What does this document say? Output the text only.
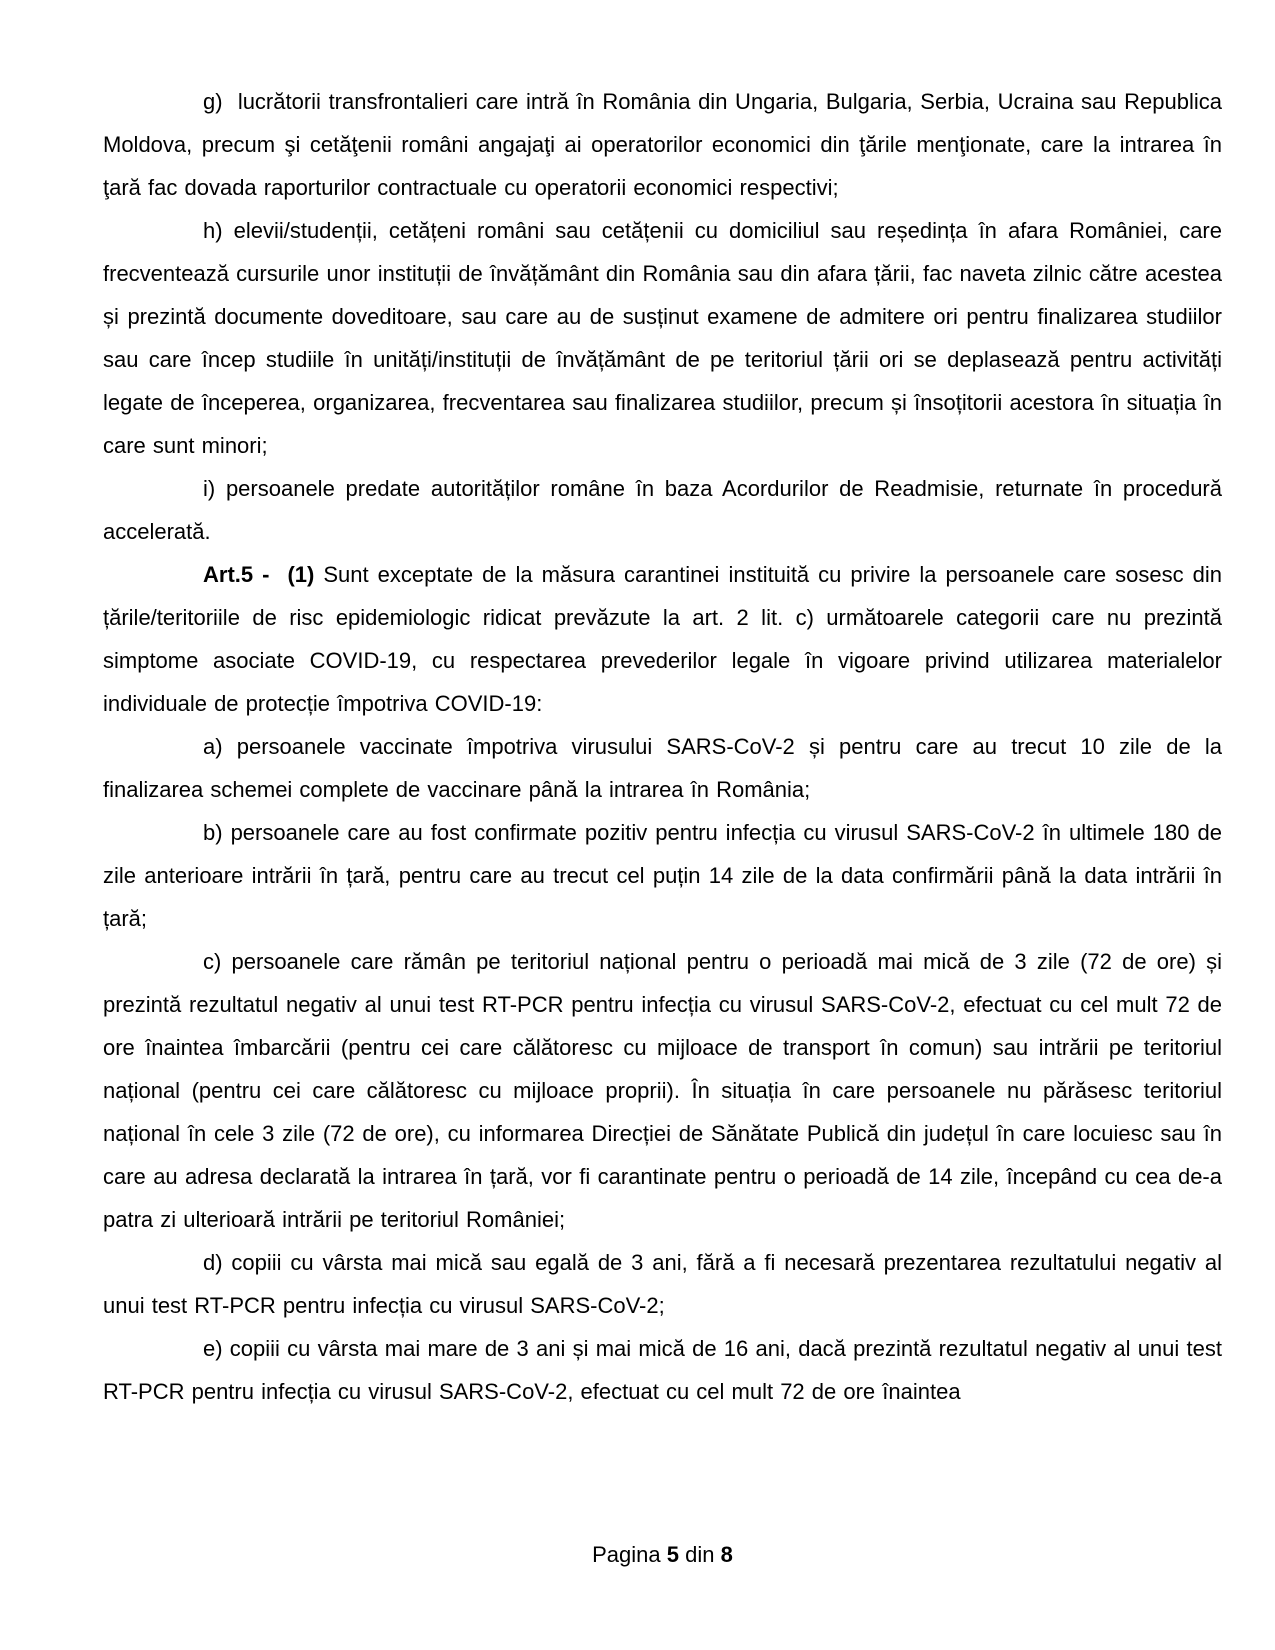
g)  lucrătorii transfrontalieri care intră în România din Ungaria, Bulgaria, Serbia, Ucraina sau Republica Moldova, precum şi cetăţenii români angajaţi ai operatorilor economici din ţările menţionate, care la intrarea în ţară fac dovada raporturilor contractuale cu operatorii economici respectivi;

h) elevii/studenții, cetățeni români sau cetățenii cu domiciliul sau reședința în afara României, care frecventează cursurile unor instituții de învățământ din România sau din afara țării, fac naveta zilnic către acestea și prezintă documente doveditoare, sau care au de susținut examene de admitere ori pentru finalizarea studiilor sau care încep studiile în unități/instituții de învățământ de pe teritoriul țării ori se deplasează pentru activități legate de începerea, organizarea, frecventarea sau finalizarea studiilor, precum și însoțitorii acestora în situația în care sunt minori;

i) persoanele predate autorităților române în baza Acordurilor de Readmisie, returnate în procedură accelerată.

Art.5 -  (1) Sunt exceptate de la măsura carantinei instituită cu privire la persoanele care sosesc din țările/teritoriile de risc epidemiologic ridicat prevăzute la art. 2 lit. c) următoarele categorii care nu prezintă simptome asociate COVID-19, cu respectarea prevederilor legale în vigoare privind utilizarea materialelor individuale de protecție împotriva COVID-19:

a) persoanele vaccinate împotriva virusului SARS-CoV-2 și pentru care au trecut 10 zile de la finalizarea schemei complete de vaccinare până la intrarea în România;

b) persoanele care au fost confirmate pozitiv pentru infecția cu virusul SARS-CoV-2 în ultimele 180 de zile anterioare intrării în țară, pentru care au trecut cel puțin 14 zile de la data confirmării până la data intrării în țară;

c) persoanele care rămân pe teritoriul național pentru o perioadă mai mică de 3 zile (72 de ore) și prezintă rezultatul negativ al unui test RT-PCR pentru infecția cu virusul SARS-CoV-2, efectuat cu cel mult 72 de ore înaintea îmbarcării (pentru cei care călătoresc cu mijloace de transport în comun) sau intrării pe teritoriul național (pentru cei care călătoresc cu mijloace proprii). În situația în care persoanele nu părăsesc teritoriul național în cele 3 zile (72 de ore), cu informarea Direcției de Sănătate Publică din județul în care locuiesc sau în care au adresa declarată la intrarea în țară, vor fi carantinate pentru o perioadă de 14 zile, începând cu cea de-a patra zi ulterioară intrării pe teritoriul României;

d) copiii cu vârsta mai mică sau egală de 3 ani, fără a fi necesară prezentarea rezultatului negativ al unui test RT-PCR pentru infecția cu virusul SARS-CoV-2;

e) copiii cu vârsta mai mare de 3 ani și mai mică de 16 ani, dacă prezintă rezultatul negativ al unui test RT-PCR pentru infecția cu virusul SARS-CoV-2, efectuat cu cel mult 72 de ore înaintea

Pagina 5 din 8
